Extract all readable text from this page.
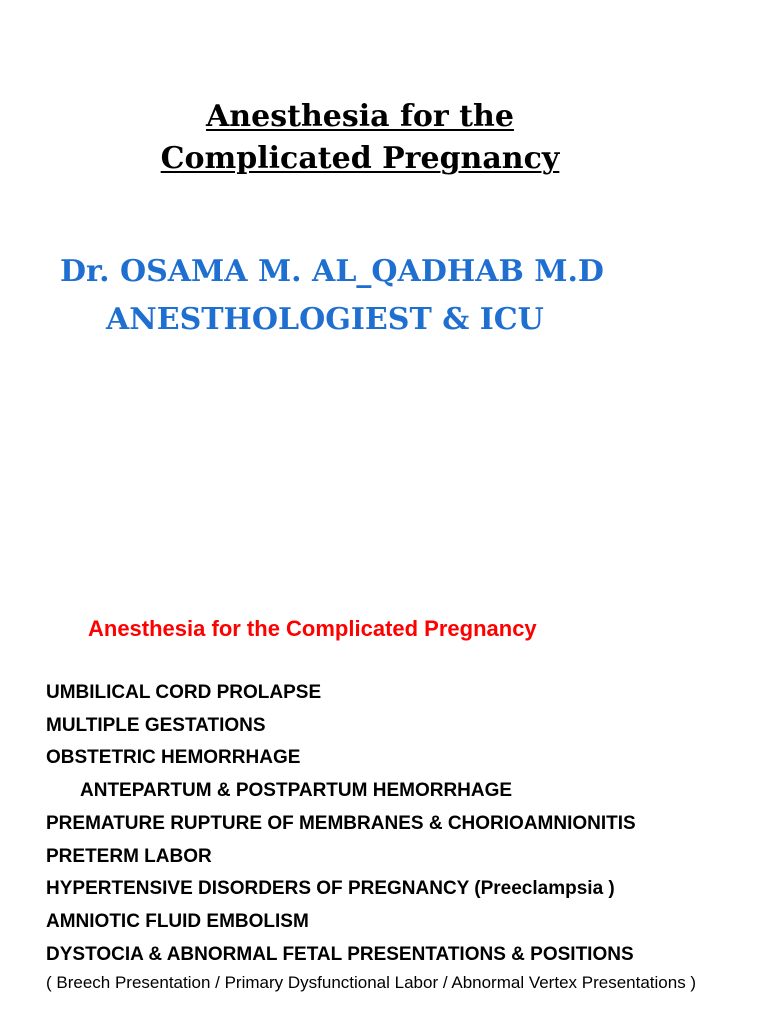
Anesthesia for the
Complicated Pregnancy
Dr. OSAMA M. AL_QADHAB M.D
ANESTHOLOGIEST & ICU
Anesthesia for the Complicated Pregnancy
UMBILICAL CORD PROLAPSE
MULTIPLE GESTATIONS
OBSTETRIC HEMORRHAGE
ANTEPARTUM & POSTPARTUM HEMORRHAGE
PREMATURE RUPTURE OF MEMBRANES & CHORIOAMNIONITIS
PRETERM LABOR
HYPERTENSIVE DISORDERS OF PREGNANCY (Preeclampsia )
AMNIOTIC FLUID EMBOLISM
DYSTOCIA & ABNORMAL FETAL PRESENTATIONS & POSITIONS
( Breech Presentation / Primary Dysfunctional Labor / Abnormal Vertex Presentations )
